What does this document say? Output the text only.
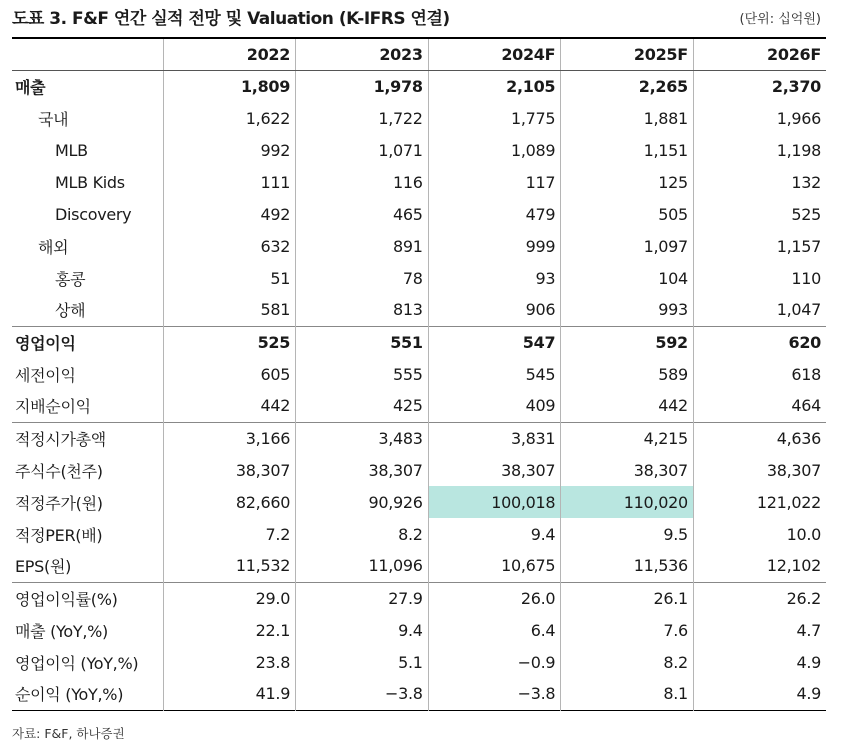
도표 3. F&F 연간 실적 전망 및 Valuation (K-IFRS 연결)	(단위: 십억원)
	2022	2023	2024F	2025F	2026F
매출	1,809	1,978	2,105	2,265	2,370
국내	1,622	1,722	1,775	1,881	1,966
MLB	992	1,071	1,089	1,151	1,198
MLB Kids	111	116	117	125	132
Discovery	492	465	479	505	525
해외	632	891	999	1,097	1,157
홍콩	51	78	93	104	110
상해	581	813	906	993	1,047
영업이익	525	551	547	592	620
세전이익	605	555	545	589	618
지배순이익	442	425	409	442	464
적정시가총액	3,166	3,483	3,831	4,215	4,636
주식수(천주)	38,307	38,307	38,307	38,307	38,307
적정주가(원)	82,660	90,926	100,018	110,020	121,022
적정PER(배)	7.2	8.2	9.4	9.5	10.0
EPS(원)	11,532	11,096	10,675	11,536	12,102
영업이익률(%)	29.0	27.9	26.0	26.1	26.2
매출 (YoY,%)	22.1	9.4	6.4	7.6	4.7
영업이익 (YoY,%)	23.8	5.1	−0.9	8.2	4.9
순이익 (YoY,%)	41.9	−3.8	−3.8	8.1	4.9
자료: F&F, 하나증권
